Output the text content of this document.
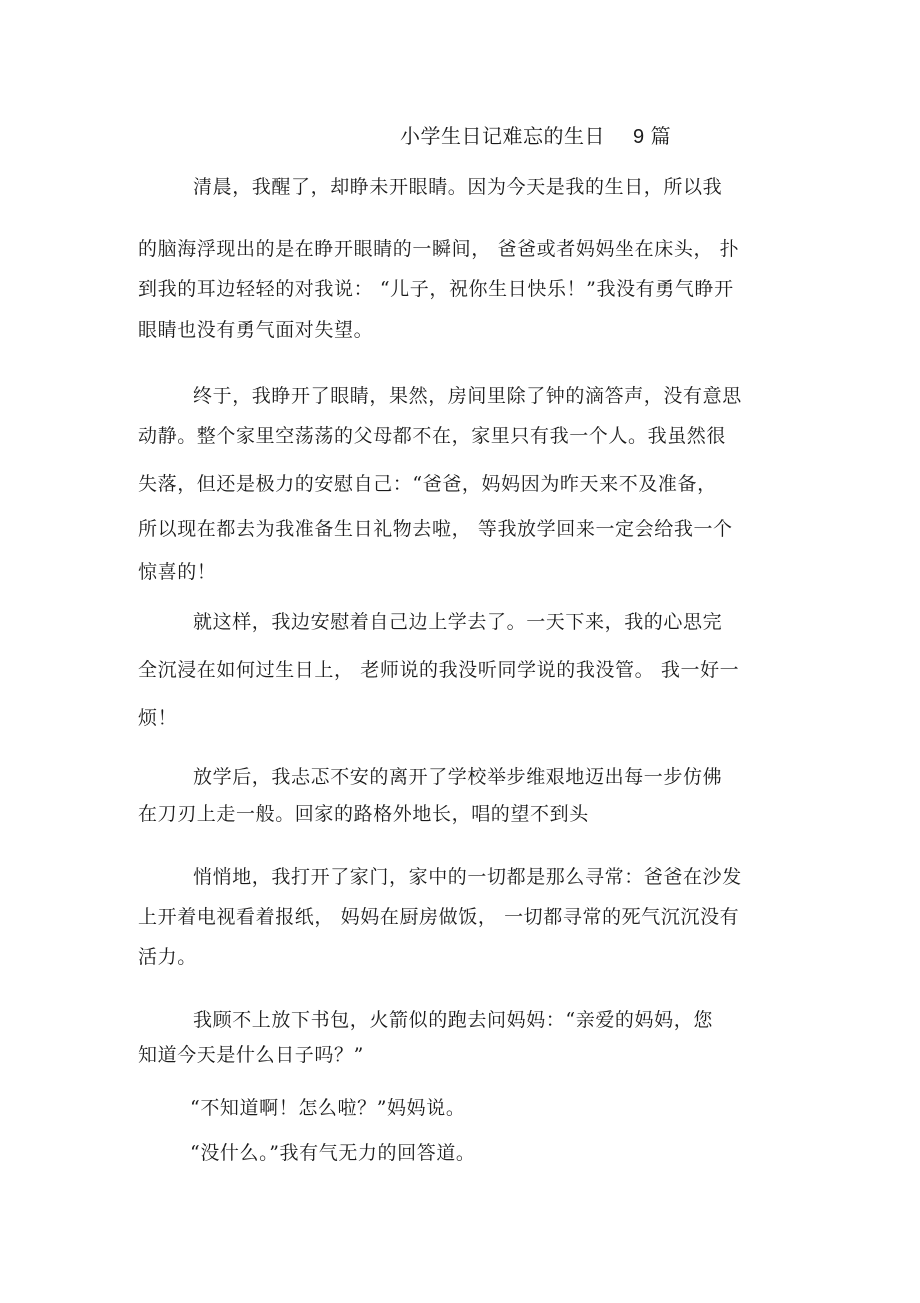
小学生日记难忘的生日 9 篇
清晨，我醒了，却睁未开眼睛。因为今天是我的生日，所以我
的脑海浮现出的是在睁开眼睛的一瞬间， 爸爸或者妈妈坐在床头， 扑
到我的耳边轻轻的对我说： “儿子，祝你生日快乐！”我没有勇气睁开
眼睛也没有勇气面对失望。
终于，我睁开了眼睛，果然，房间里除了钟的滴答声，没有意思
动静。整个家里空荡荡的父母都不在，家里只有我一个人。我虽然很
失落，但还是极力的安慰自己：“爸爸，妈妈因为昨天来不及准备，
所以现在都去为我准备生日礼物去啦， 等我放学回来一定会给我一个
惊喜的！
就这样，我边安慰着自己边上学去了。一天下来，我的心思完
全沉浸在如何过生日上， 老师说的我没听同学说的我没管。 我一好一
烦！
放学后，我忐忑不安的离开了学校举步维艰地迈出每一步仿佛
在刀刃上走一般。回家的路格外地长，唱的望不到头
悄悄地，我打开了家门，家中的一切都是那么寻常：爸爸在沙发
上开着电视看着报纸， 妈妈在厨房做饭， 一切都寻常的死气沉沉没有
活力。
我顾不上放下书包，火箭似的跑去问妈妈：“亲爱的妈妈，您
知道今天是什么日子吗？”
“不知道啊！怎么啦？”妈妈说。
“没什么。”我有气无力的回答道。
